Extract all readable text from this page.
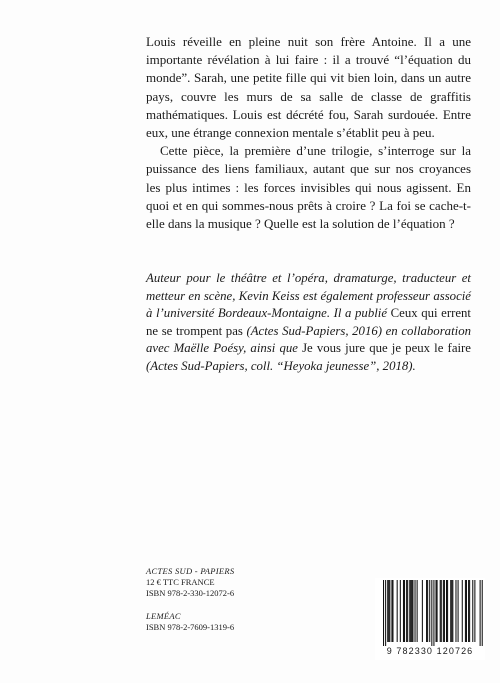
Louis réveille en pleine nuit son frère Antoine. Il a une importante révélation à lui faire : il a trouvé “l’équation du monde”. Sarah, une petite fille qui vit bien loin, dans un autre pays, couvre les murs de sa salle de classe de graffitis mathématiques. Louis est décrété fou, Sarah surdouée. Entre eux, une étrange connexion mentale s’établit peu à peu.

Cette pièce, la première d’une trilogie, s’interroge sur la puissance des liens familiaux, autant que sur nos croyances les plus intimes : les forces invisibles qui nous agissent. En quoi et en qui sommes-nous prêts à croire ? La foi se cache-t-elle dans la musique ? Quelle est la solution de l’équation ?

Auteur pour le théâtre et l’opéra, dramaturge, traducteur et metteur en scène, Kevin Keiss est également professeur associé à l’université Bordeaux-Montaigne. Il a publié Ceux qui errent ne se trompent pas (Actes Sud-Papiers, 2016) en collaboration avec Maëlle Poésy, ainsi que Je vous jure que je peux le faire (Actes Sud-Papiers, coll. “Heyoka jeunesse”, 2018).
ACTES SUD - PAPIERS
12 € TTC FRANCE
ISBN 978-2-330-12072-6
LEMÉAC
ISBN 978-2-7609-1319-6
9 782330 120726
